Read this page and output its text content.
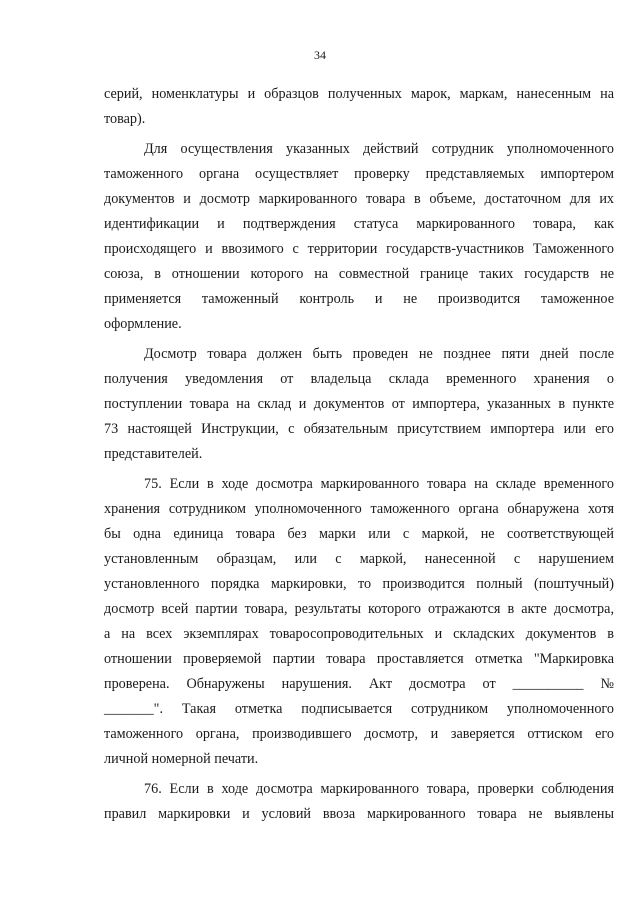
34
серий, номенклатуры и образцов полученных марок, маркам, нанесенным на
товар).
Для осуществления указанных действий сотрудник уполномоченного
таможенного органа осуществляет проверку представляемых импортером
документов и досмотр маркированного товара в объеме, достаточном для их
идентификации и подтверждения статуса маркированного товара, как
происходящего и ввозимого с территории государств-участников Таможенного
союза, в отношении которого на совместной границе таких государств не
применяется таможенный контроль и не производится таможенное
оформление.
Досмотр товара должен быть проведен не позднее пяти дней после
получения уведомления от владельца склада временного хранения о
поступлении товара на склад и документов от импортера, указанных в пункте
73 настоящей Инструкции, с обязательным присутствием импортера или его
представителей.
75. Если в ходе досмотра маркированного товара на складе временного
хранения сотрудником уполномоченного таможенного органа обнаружена хотя
бы одна единица товара без марки или с маркой, не соответствующей
установленным образцам, или с маркой, нанесенной с нарушением
установленного порядка маркировки, то производится полный (поштучный)
досмотр всей партии товара, результаты которого отражаются в акте досмотра,
а на всех экземплярах товаросопроводительных и складских документов в
отношении проверяемой партии товара проставляется отметка "Маркировка
проверена. Обнаружены нарушения. Акт досмотра от __________ №
_______". Такая отметка подписывается сотрудником уполномоченного
таможенного органа, производившего досмотр, и заверяется оттиском его
личной номерной печати.
76. Если в ходе досмотра маркированного товара, проверки соблюдения
правил маркировки и условий ввоза маркированного товара не выявлены
